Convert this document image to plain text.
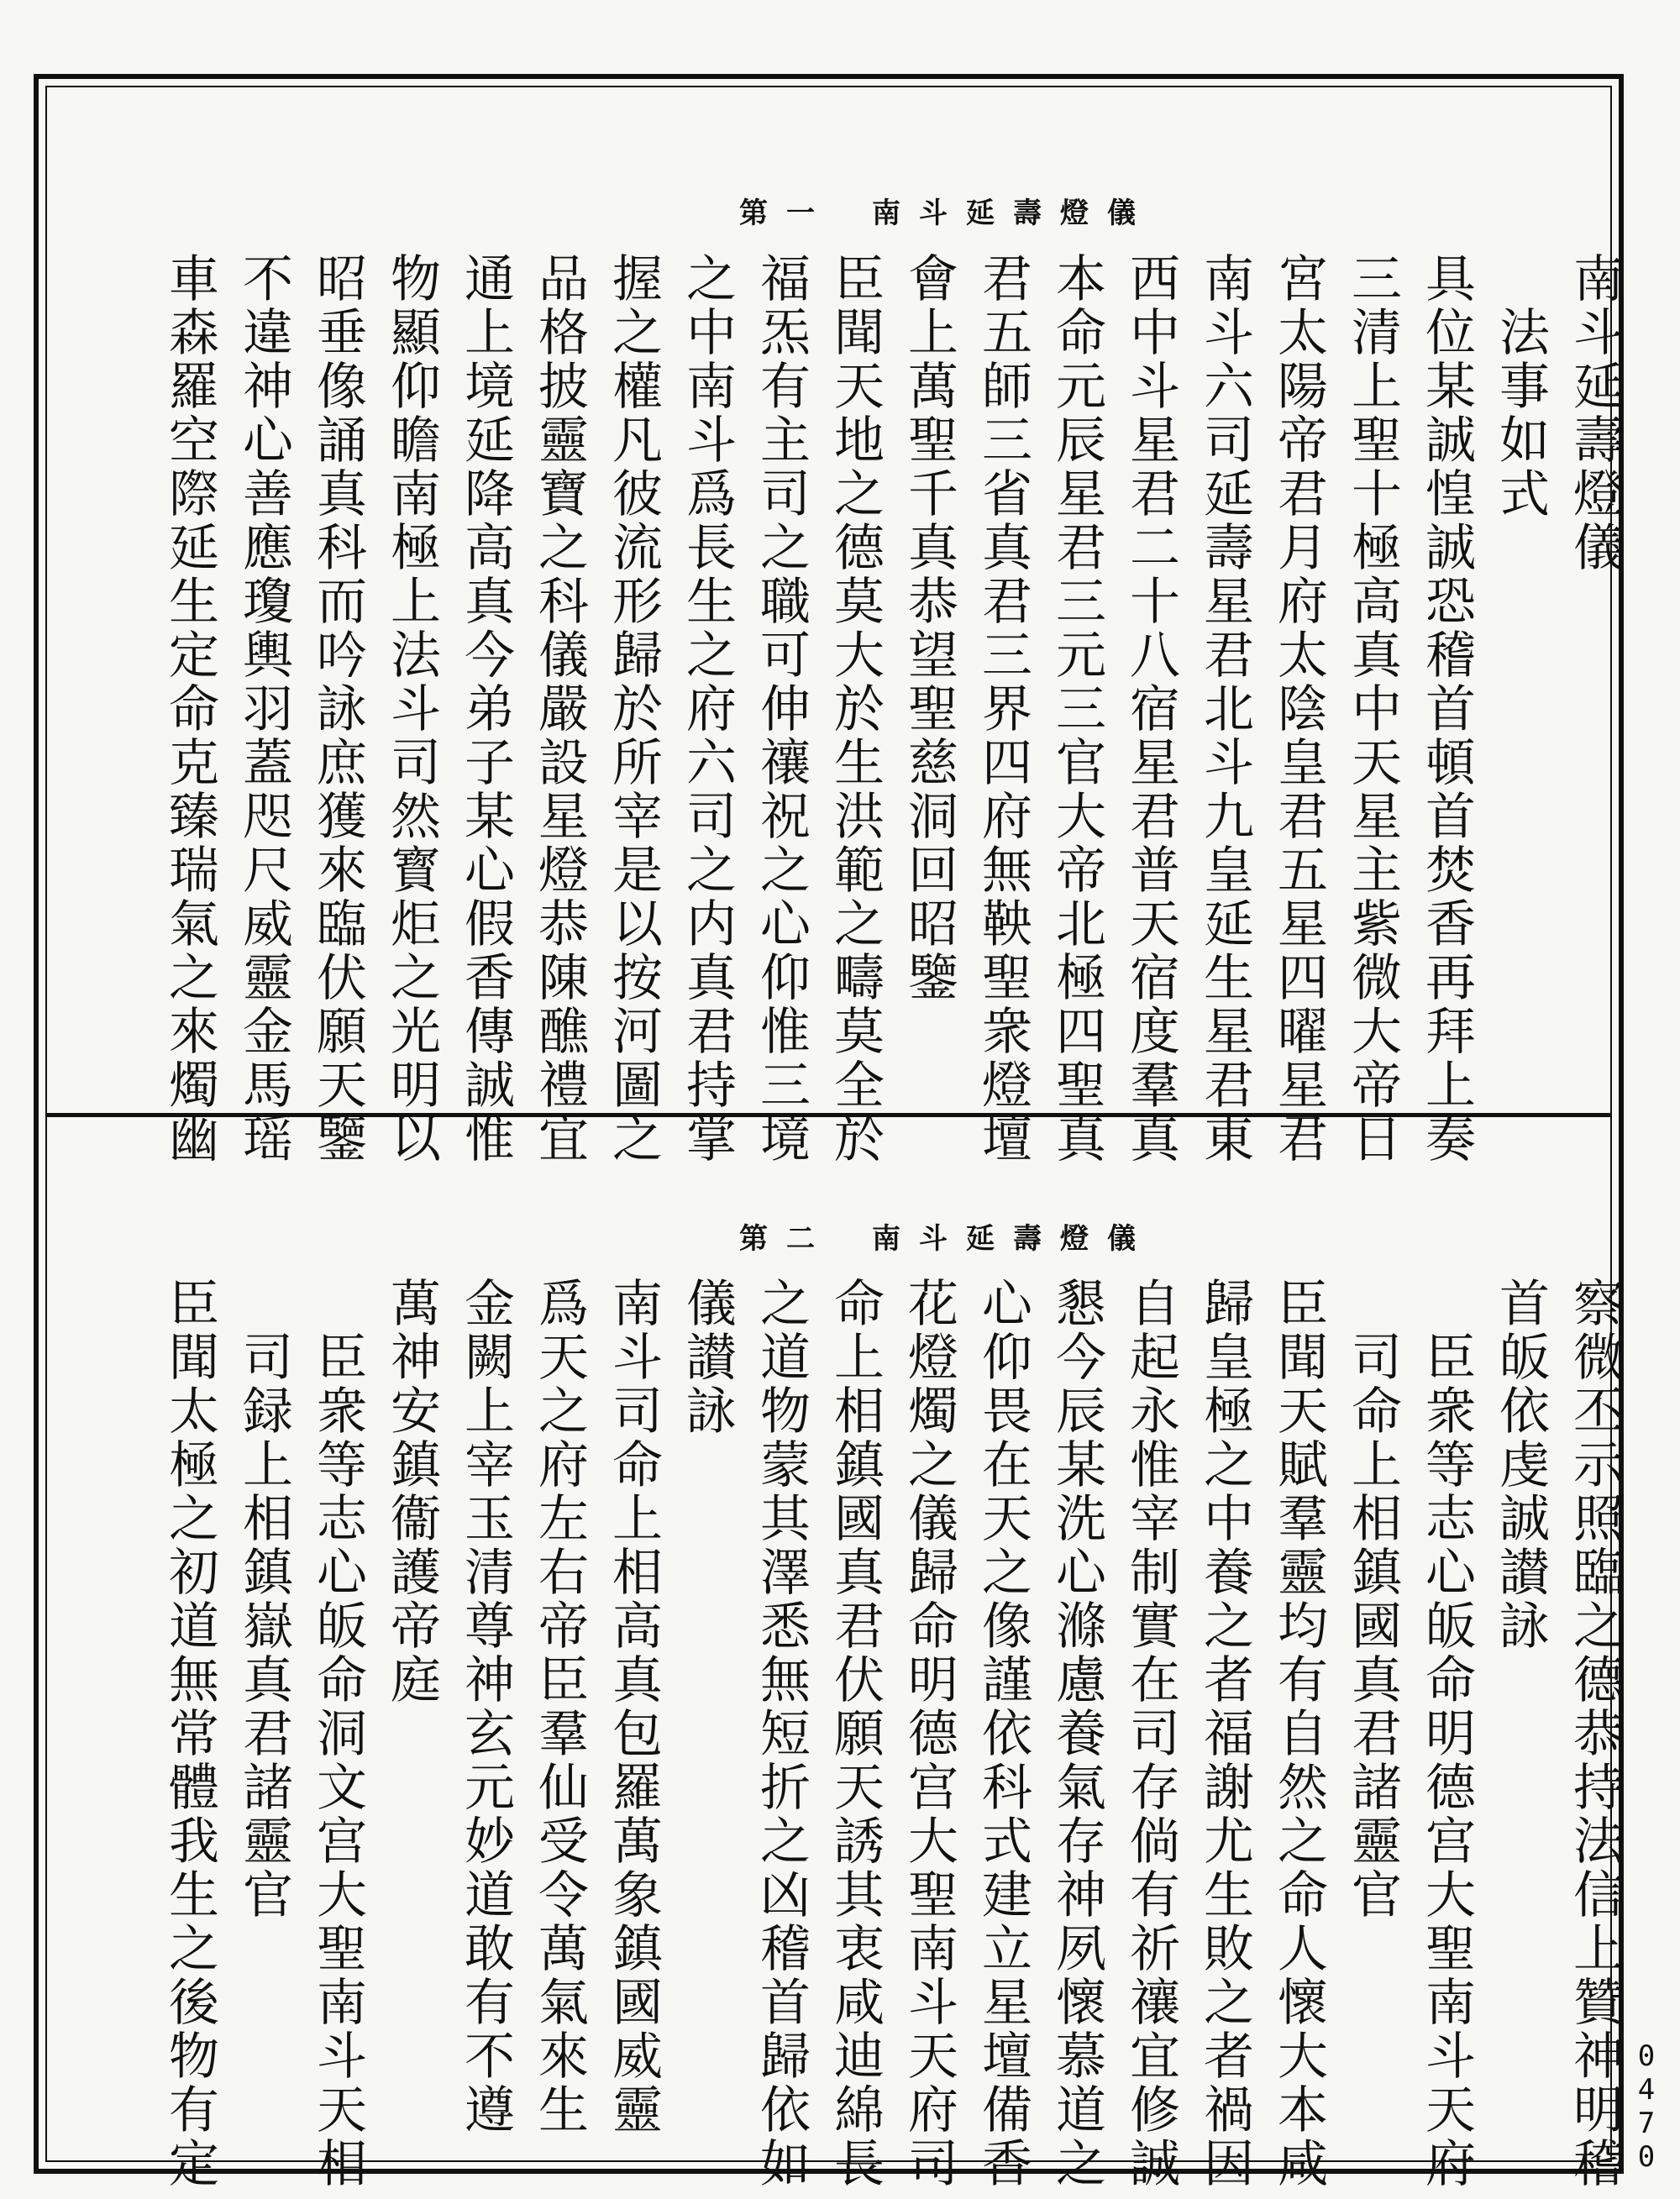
第一 南斗延壽燈儀
南斗延壽燈儀
　法事如式
具位某誠惶誠恐稽首頓首焚香再拜上奏
三清上聖十極高真中天星主紫微大帝日
宮太陽帝君月府太陰皇君五星四曜星君
南斗六司延壽星君北斗九皇延生星君東
西中斗星君二十八宿星君普天宿度羣真
本命元辰星君三元三官大帝北極四聖真
君五師三省真君三界四府無鞅聖衆燈壇
會上萬聖千真恭望聖慈洞回昭鑒
臣聞天地之德莫大於生洪範之疇莫全於
福炁有主司之職可伸禳祝之心仰惟三境
之中南斗爲長生之府六司之内真君持掌
握之權凡彼流形歸於所宰是以按河圖之
品格披靈寶之科儀嚴設星燈恭陳醮禮宜
通上境延降高真今弟子某心假香傳誠惟
物顯仰瞻南極上法斗司然寳炬之光明以
昭垂像誦真科而吟詠庶獲來臨伏願天鑒
不違神心善應瓊輿羽蓋咫尺威靈金馬瑶
車森羅空際延生定命克臻瑞氣之來燭幽
第二 南斗延壽燈儀
察微丕示照臨之德恭持法信上贊神明稽
首皈依虔誠讃詠
　臣衆等志心皈命明德宫大聖南斗天府
　司命上相鎮國真君諸靈官
臣聞天賦羣靈均有自然之命人懷大本咸
歸皇極之中養之者福謝尤生敗之者禍因
自起永惟宰制實在司存倘有祈禳宜修誠
懇今辰某洗心滌慮養氣存神夙懷慕道之
心仰畏在天之像謹依科式建立星壇備香
花燈燭之儀歸命明德宫大聖南斗天府司
命上相鎮國真君伏願天誘其衷咸迪綿長
之道物蒙其澤悉無短折之凶稽首歸依如
儀讃詠
南斗司命上相高真包羅萬象鎮國威靈
爲天之府左右帝臣羣仙受令萬氣來生
金闕上宰玉清尊神玄元妙道敢有不遵
萬神安鎮衞護帝庭
　臣衆等志心皈命洞文宫大聖南斗天相
　司録上相鎮嶽真君諸靈官
臣聞太極之初道無常體我生之後物有定	0470
